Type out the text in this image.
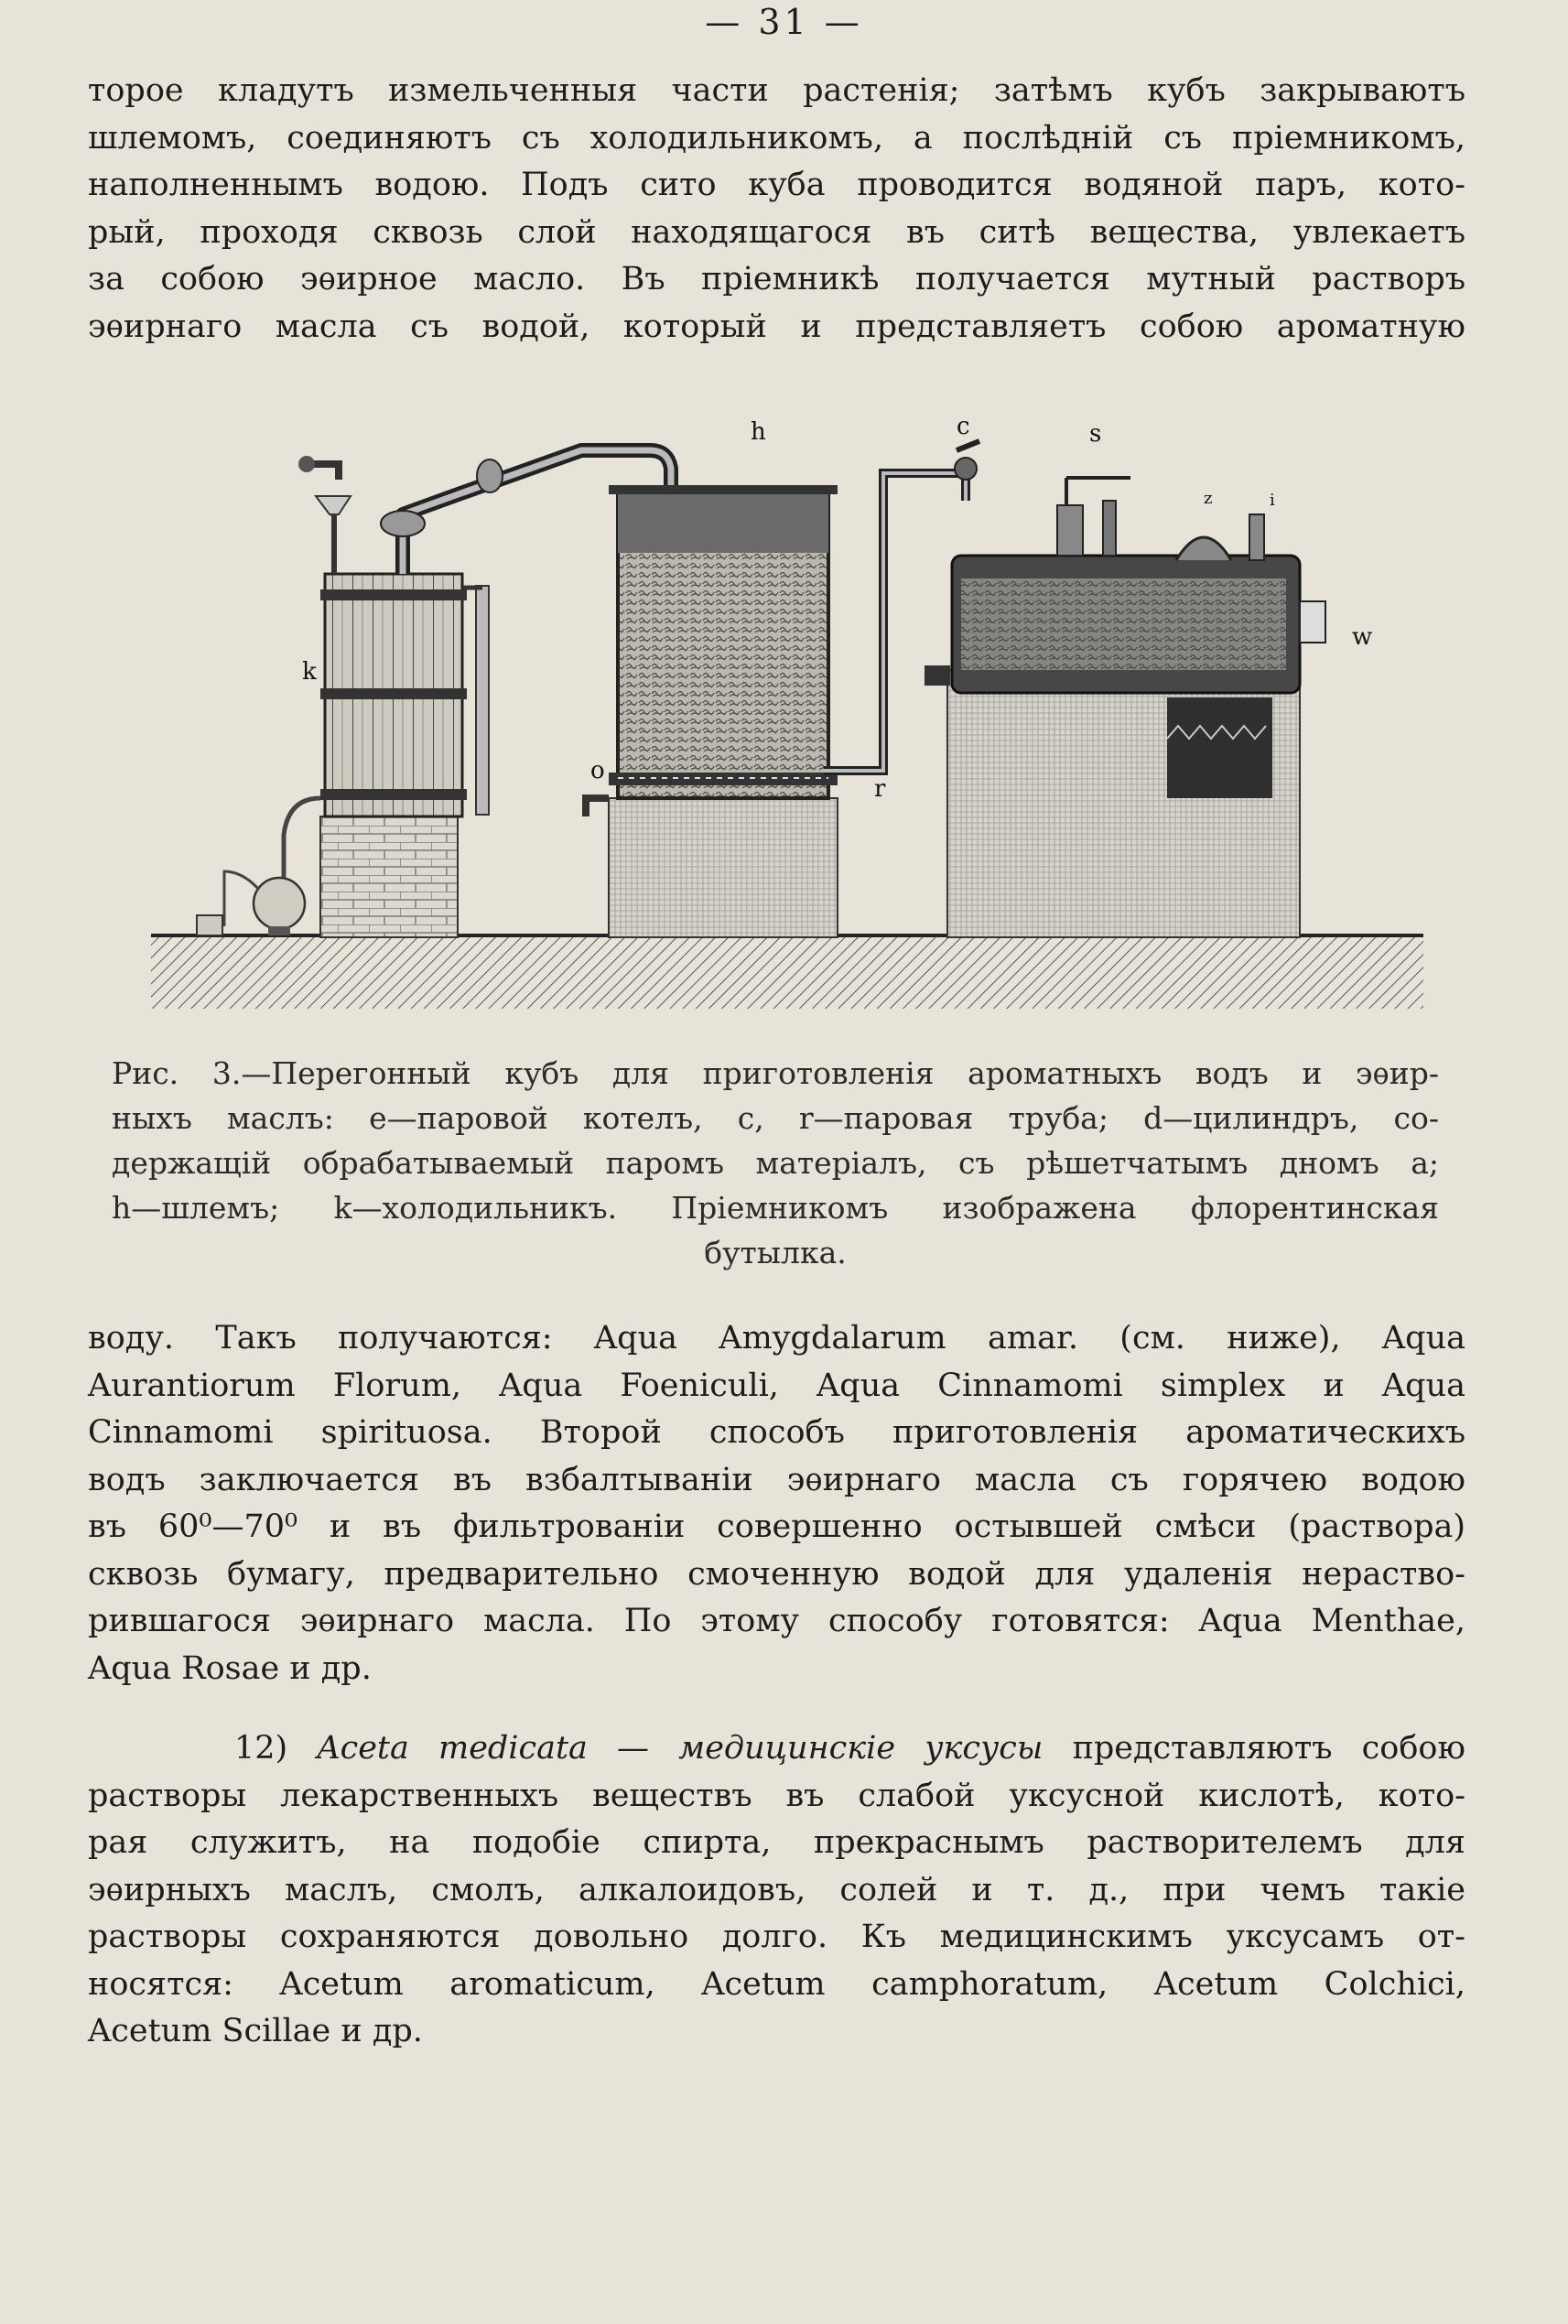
— 31 —

торое кладутъ измельченныя части растенія; затѣмъ кубъ закрываютъ
шлемомъ, соединяютъ съ холодильникомъ, а послѣдній съ пріемникомъ,
наполненнымъ водою. Подъ сито куба проводится водяной паръ, кото-
рый, проходя сквозь слой находящагося въ ситѣ вещества, увлекаетъ
за собою эѳирное масло. Въ пріемникѣ получается мутный растворъ
эѳирнаго масла съ водой, который и представляетъ собою ароматную

h	c	s
k
o
r
w
z	i
Рис. 3.—Перегонный кубъ для приготовленія ароматныхъ водъ и эѳир-
ныхъ маслъ: e—паровой котелъ, c, r—паровая труба; d—цилиндръ, со-
держащій обрабатываемый паромъ матеріалъ, съ рѣшетчатымъ дномъ a;
h—шлемъ; k—холодильникъ. Пріемникомъ изображена флорентинская
бутылка.

воду. Такъ получаются: Aqua Amygdalarum amar. (см. ниже), Aqua
Aurantiorum Florum, Aqua Foeniculi, Aqua Cinnamomi simplex и Aqua
Cinnamomi spirituosa. Второй способъ приготовленія ароматическихъ
водъ заключается въ взбалтываніи эѳирнаго масла съ горячею водою
въ 60⁰—70⁰ и въ фильтрованіи совершенно остывшей смѣси (раствора)
сквозь бумагу, предварительно смоченную водой для удаленія нераство-
рившагося эѳирнаго масла. По этому способу готовятся: Aqua Menthae,
Aqua Rosae и др.

12) Aceta medicata — медицинскіе уксусы представляютъ собою
растворы лекарственныхъ веществъ въ слабой уксусной кислотѣ, кото-
рая служитъ, на подобіе спирта, прекраснымъ растворителемъ для
эѳирныхъ маслъ, смолъ, алкалоидовъ, солей и т. д., при чемъ такіе
растворы сохраняются довольно долго. Къ медицинскимъ уксусамъ от-
носятся: Acetum aromaticum, Acetum camphoratum, Acetum Colchici,
Acetum Scillae и др.
